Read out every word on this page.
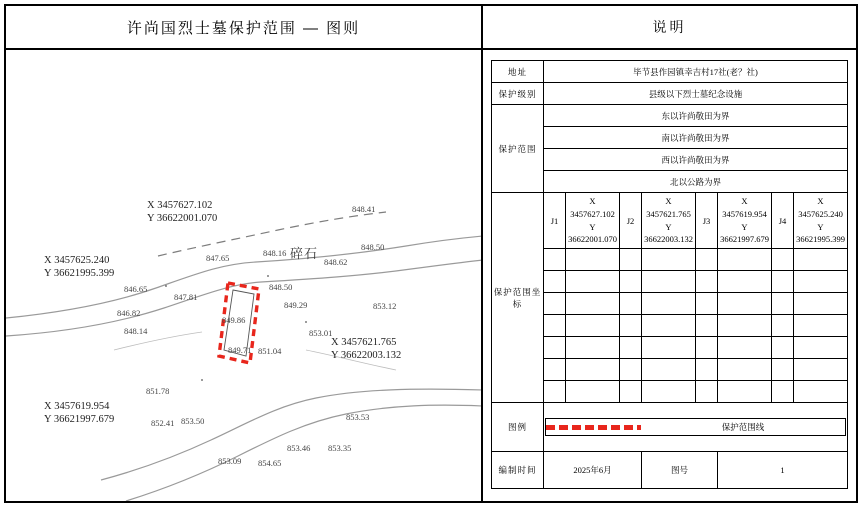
许尚国烈士墓保护范围 — 图则	说明
X 3457627.102
Y 36622001.070
X 3457625.240
Y 36621995.399
X 3457621.765
Y 36622003.132
X 3457619.954
Y 36621997.679
碎石
848.41
848.50
848.16
847.65	848.62
846.65	848.50
847.81
849.29
846.82
853.12
848.14
849.86
853.01
849.71 851.04
851.78
852.41 853.50	853.53
853.46 853.35
853.09 854.65
地址	毕节县作园镇幸吉村17社(老？社)							
保护级别	县级以下烈士墓纪念设施							
保护范围	东以许尚敬田为界							
	南以许尚敬田为界							
	西以许尚敬田为界							
	北以公路为界							
保护范围坐标	J1	X 3457627.102
Y 36622001.070	J2	X 3457621.765
Y 36622003.132	J3	X 3457619.954
Y 36621997.679	J4	X 3457625.240
Y 36621995.399

图例	保护范围线							

编制时间	2025年6月			图号		1		
